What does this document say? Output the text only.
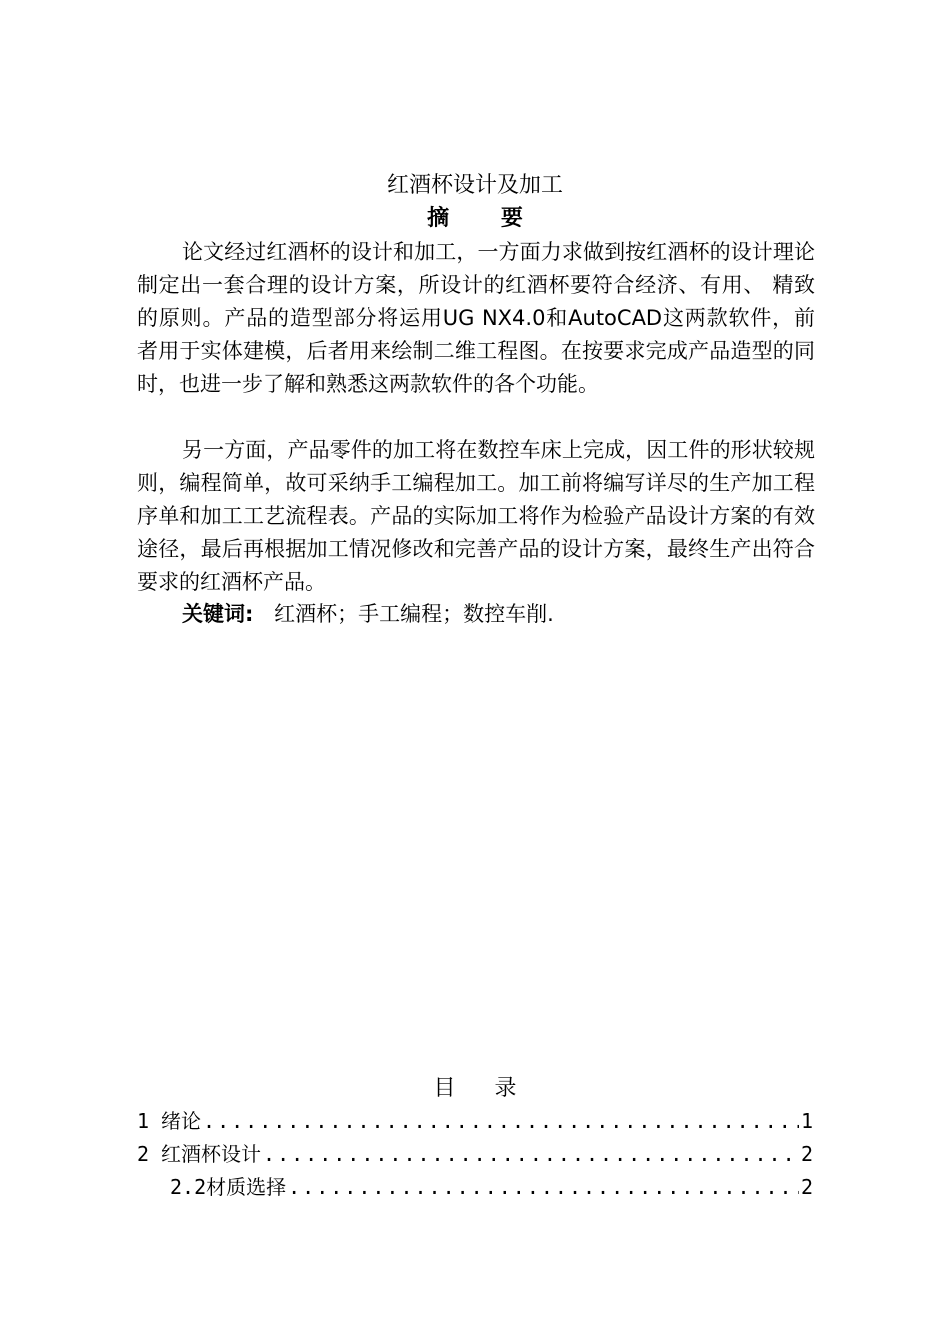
红酒杯设计及加工
摘 要

论文经过红酒杯的设计和加工，一方面力求做到按红酒杯的设计理论制定出一套合理的设计方案，所设计的红酒杯要符合经济、有用、 精致的原则。产品的造型部分将运用UG NX4.0和AutoCAD这两款软件，前者用于实体建模，后者用来绘制二维工程图。在按要求完成产品造型的同时，也进一步了解和熟悉这两款软件的各个功能。

另一方面，产品零件的加工将在数控车床上完成，因工件的形状较规则，编程简单，故可采纳手工编程加工。加工前将编写详尽的生产加工程序单和加工工艺流程表。产品的实际加工将作为检验产品设计方案的有效途径，最后再根据加工情况修改和完善产品的设计方案，最终生产出符合要求的红酒杯产品。

关键词: 红酒杯；手工编程；数控车削.
目 录
1 绪论 .....	1
2 红酒杯设计 .....	2
2.2 材质选择 .....	2
